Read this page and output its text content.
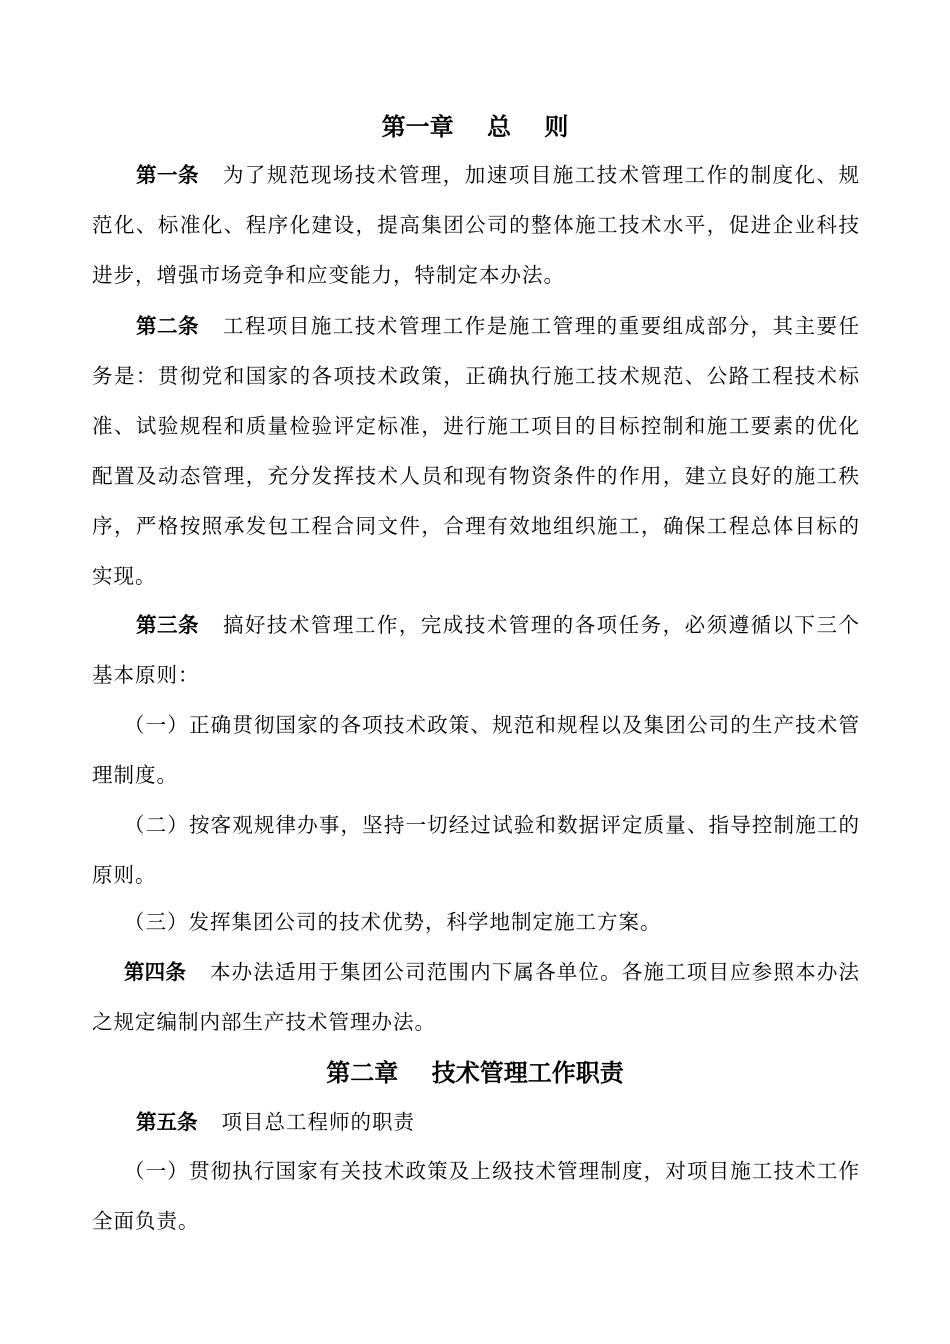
第一章    总    则

第一条 为了规范现场技术管理，加速项目施工技术管理工作的制度化、规范化、标准化、程序化建设，提高集团公司的整体施工技术水平，促进企业科技进步，增强市场竞争和应变能力，特制定本办法。

第二条 工程项目施工技术管理工作是施工管理的重要组成部分，其主要任务是：贯彻党和国家的各项技术政策，正确执行施工技术规范、公路工程技术标准、试验规程和质量检验评定标准，进行施工项目的目标控制和施工要素的优化配置及动态管理，充分发挥技术人员和现有物资条件的作用，建立良好的施工秩序，严格按照承发包工程合同文件，合理有效地组织施工，确保工程总体目标的实现。

第三条 搞好技术管理工作，完成技术管理的各项任务，必须遵循以下三个基本原则：

（一）正确贯彻国家的各项技术政策、规范和规程以及集团公司的生产技术管理制度。

（二）按客观规律办事，坚持一切经过试验和数据评定质量、指导控制施工的原则。

（三）发挥集团公司的技术优势，科学地制定施工方案。

第四条 本办法适用于集团公司范围内下属各单位。各施工项目应参照本办法之规定编制内部生产技术管理办法。

第二章    技术管理工作职责

第五条 项目总工程师的职责

（一）贯彻执行国家有关技术政策及上级技术管理制度，对项目施工技术工作全面负责。
